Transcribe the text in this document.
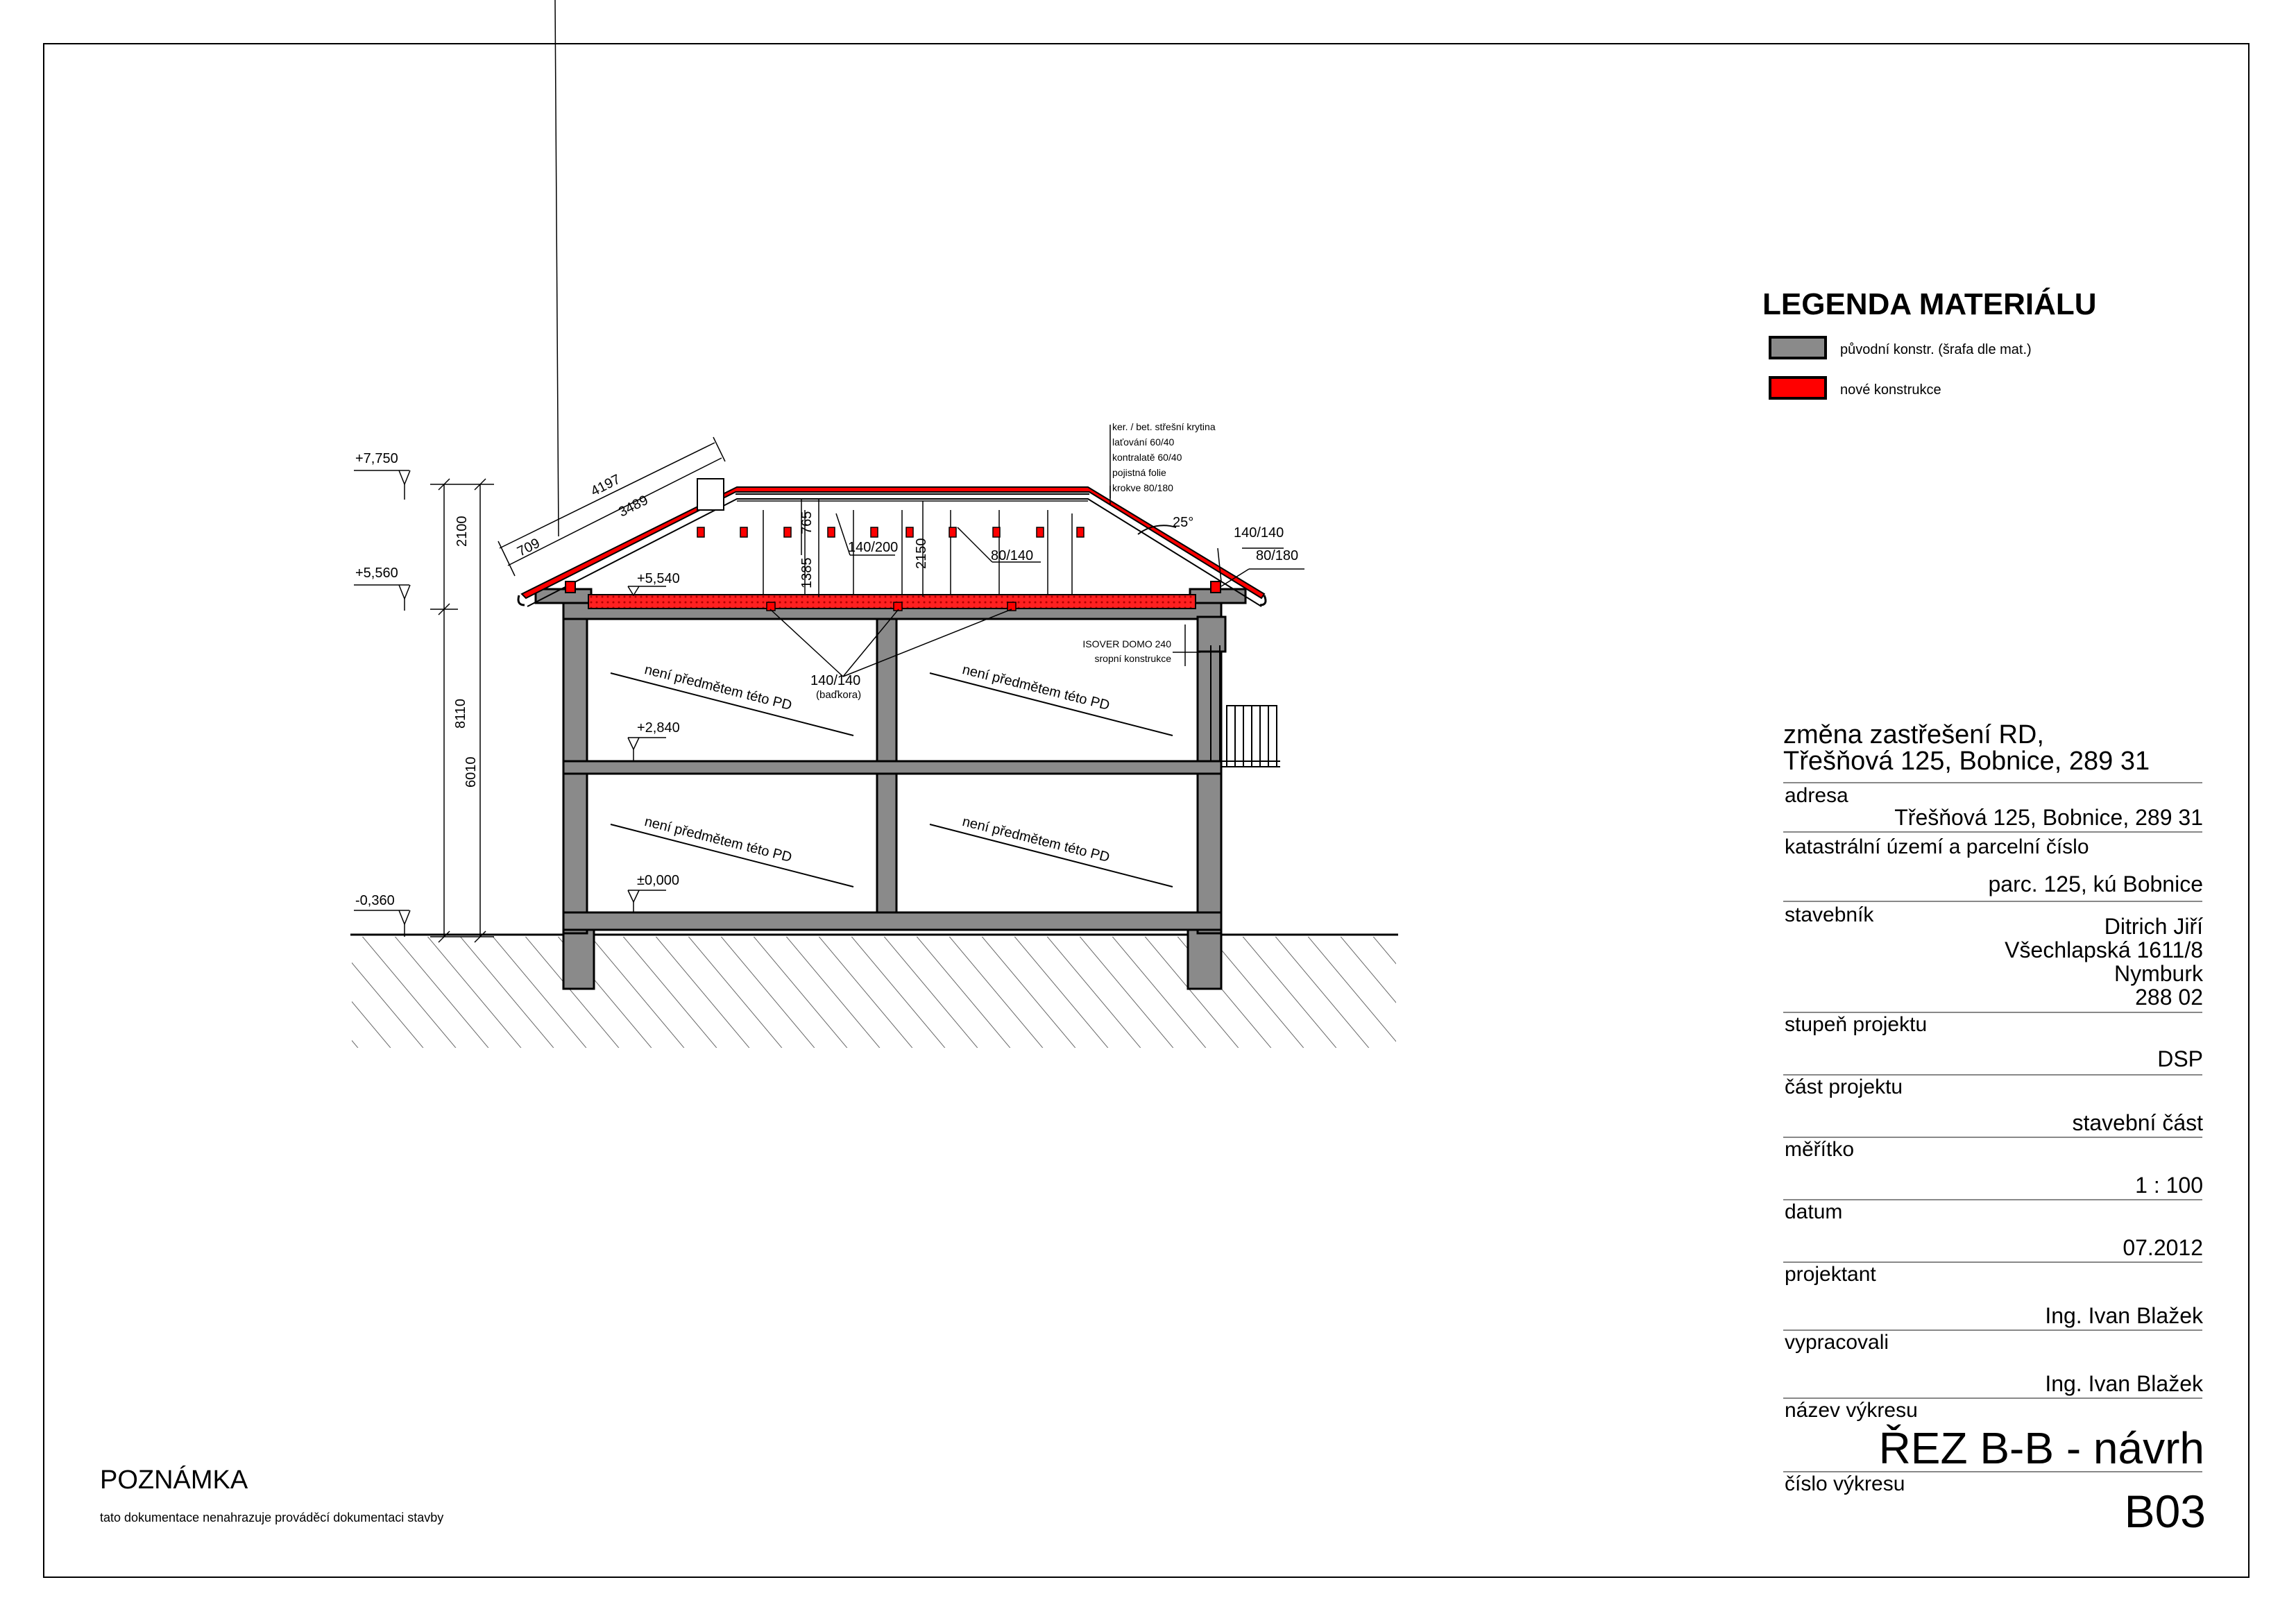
+7,750
+5,560	+5,540
+2,840
±0,000
-0,360
2100
8110
6010
4197
3489
709
765
1385
2150
25°
140/200
80/140
140/140
80/180
140/140
(baďkora)
ker. / bet. střešní krytina
laťování 60/40
kontralatě 60/40
pojistná folie
krokve 80/180
ISOVER DOMO 240
sropní konstrukce
není předmětem této PD	není předmětem této PD
není předmětem této PD	není předmětem této PD
LEGENDA MATERIÁLU
původní konstr. (šrafa dle mat.)
nové konstrukce
změna zastřešení RD,
Třešňová 125, Bobnice, 289 31
adresa
Třešňová 125, Bobnice, 289 31
katastrální území a parcelní číslo
parc. 125, kú Bobnice
stavebník	Ditrich Jiří
Všechlapská 1611/8
Nymburk
288 02
stupeň projektu
DSP
část projektu
stavební část
měřítko
1 : 100
datum
07.2012
projektant
Ing. Ivan Blažek
vypracovali
Ing. Ivan Blažek
název výkresu
ŘEZ B-B - návrh
číslo výkresu
B03
POZNÁMKA
tato dokumentace nenahrazuje prováděcí dokumentaci stavby
